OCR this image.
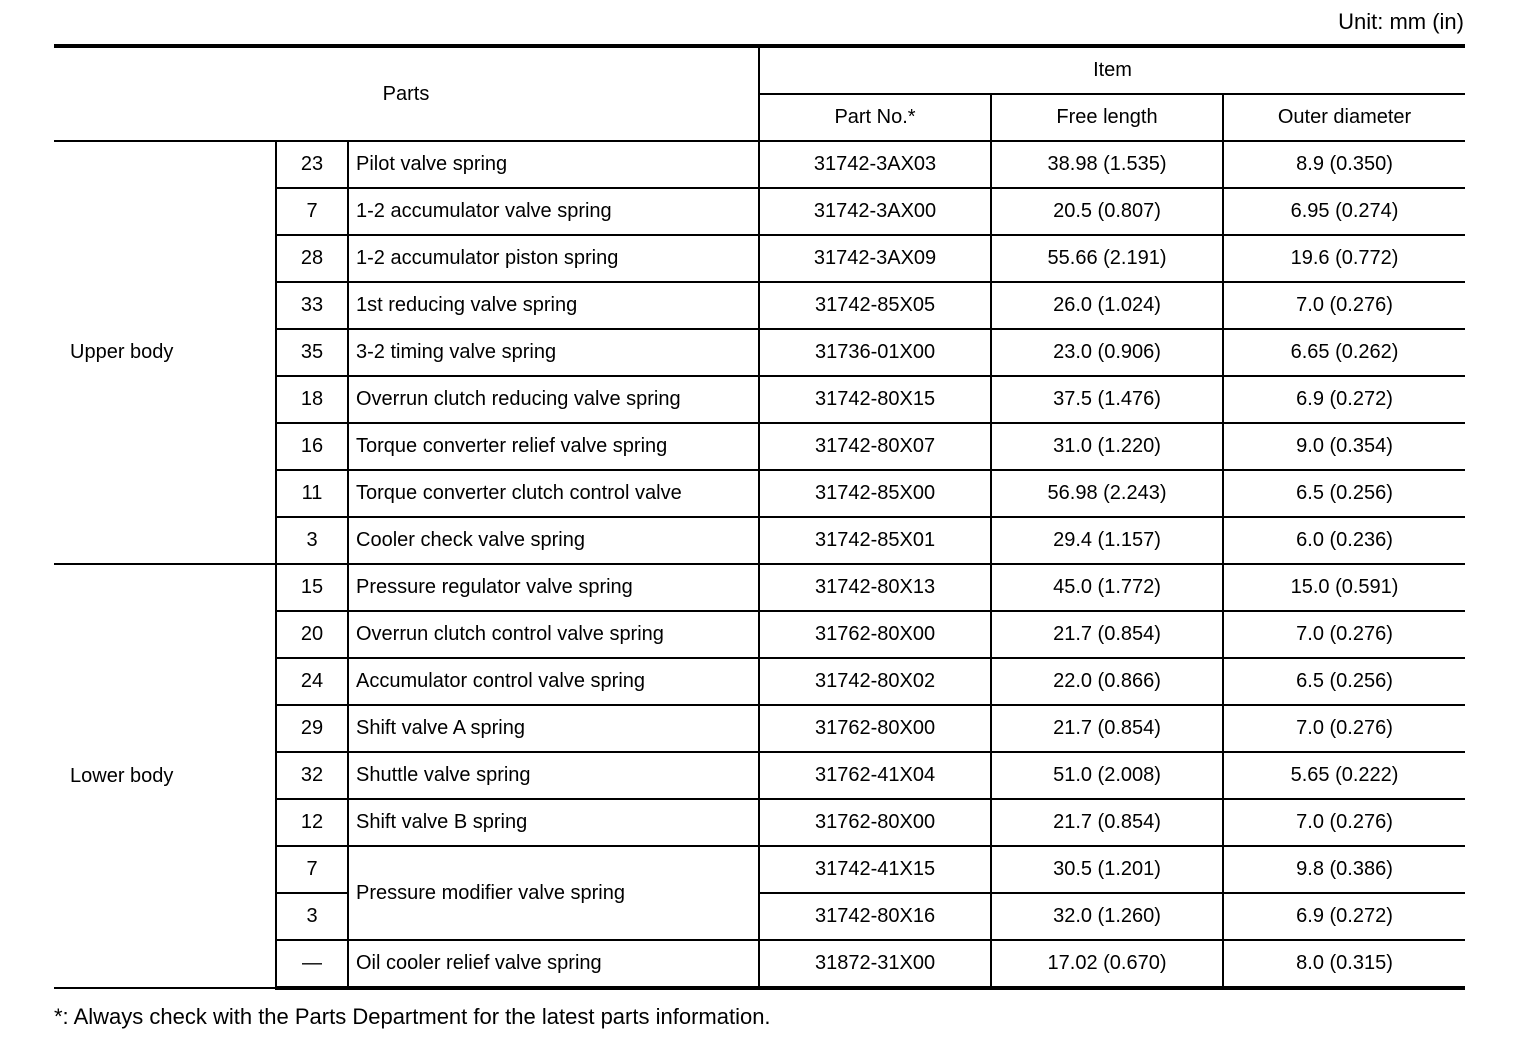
Unit: mm (in)
Parts			Item		
			Part No.*	Free length	Outer diameter
Upper body	23	Pilot valve spring	31742-3AX03	38.98 (1.535)	8.9 (0.350)
	7	1-2 accumulator valve spring	31742-3AX00	20.5 (0.807)	6.95 (0.274)
	28	1-2 accumulator piston spring	31742-3AX09	55.66 (2.191)	19.6 (0.772)
	33	1st reducing valve spring	31742-85X05	26.0 (1.024)	7.0 (0.276)
	35	3-2 timing valve spring	31736-01X00	23.0 (0.906)	6.65 (0.262)
	18	Overrun clutch reducing valve spring	31742-80X15	37.5 (1.476)	6.9 (0.272)
	16	Torque converter relief valve spring	31742-80X07	31.0 (1.220)	9.0 (0.354)
	11	Torque converter clutch control valve	31742-85X00	56.98 (2.243)	6.5 (0.256)
	3	Cooler check valve spring	31742-85X01	29.4 (1.157)	6.0 (0.236)
Lower body	15	Pressure regulator valve spring	31742-80X13	45.0 (1.772)	15.0 (0.591)
	20	Overrun clutch control valve spring	31762-80X00	21.7 (0.854)	7.0 (0.276)
	24	Accumulator control valve spring	31742-80X02	22.0 (0.866)	6.5 (0.256)
	29	Shift valve A spring	31762-80X00	21.7 (0.854)	7.0 (0.276)
	32	Shuttle valve spring	31762-41X04	51.0 (2.008)	5.65 (0.222)
	12	Shift valve B spring	31762-80X00	21.7 (0.854)	7.0 (0.276)
	7	Pressure modifier valve spring	31742-41X15	30.5 (1.201)	9.8 (0.386)
	3		31742-80X16	32.0 (1.260)	6.9 (0.272)
	—	Oil cooler relief valve spring	31872-31X00	17.02 (0.670)	8.0 (0.315)
*: Always check with the Parts Department for the latest parts information.
